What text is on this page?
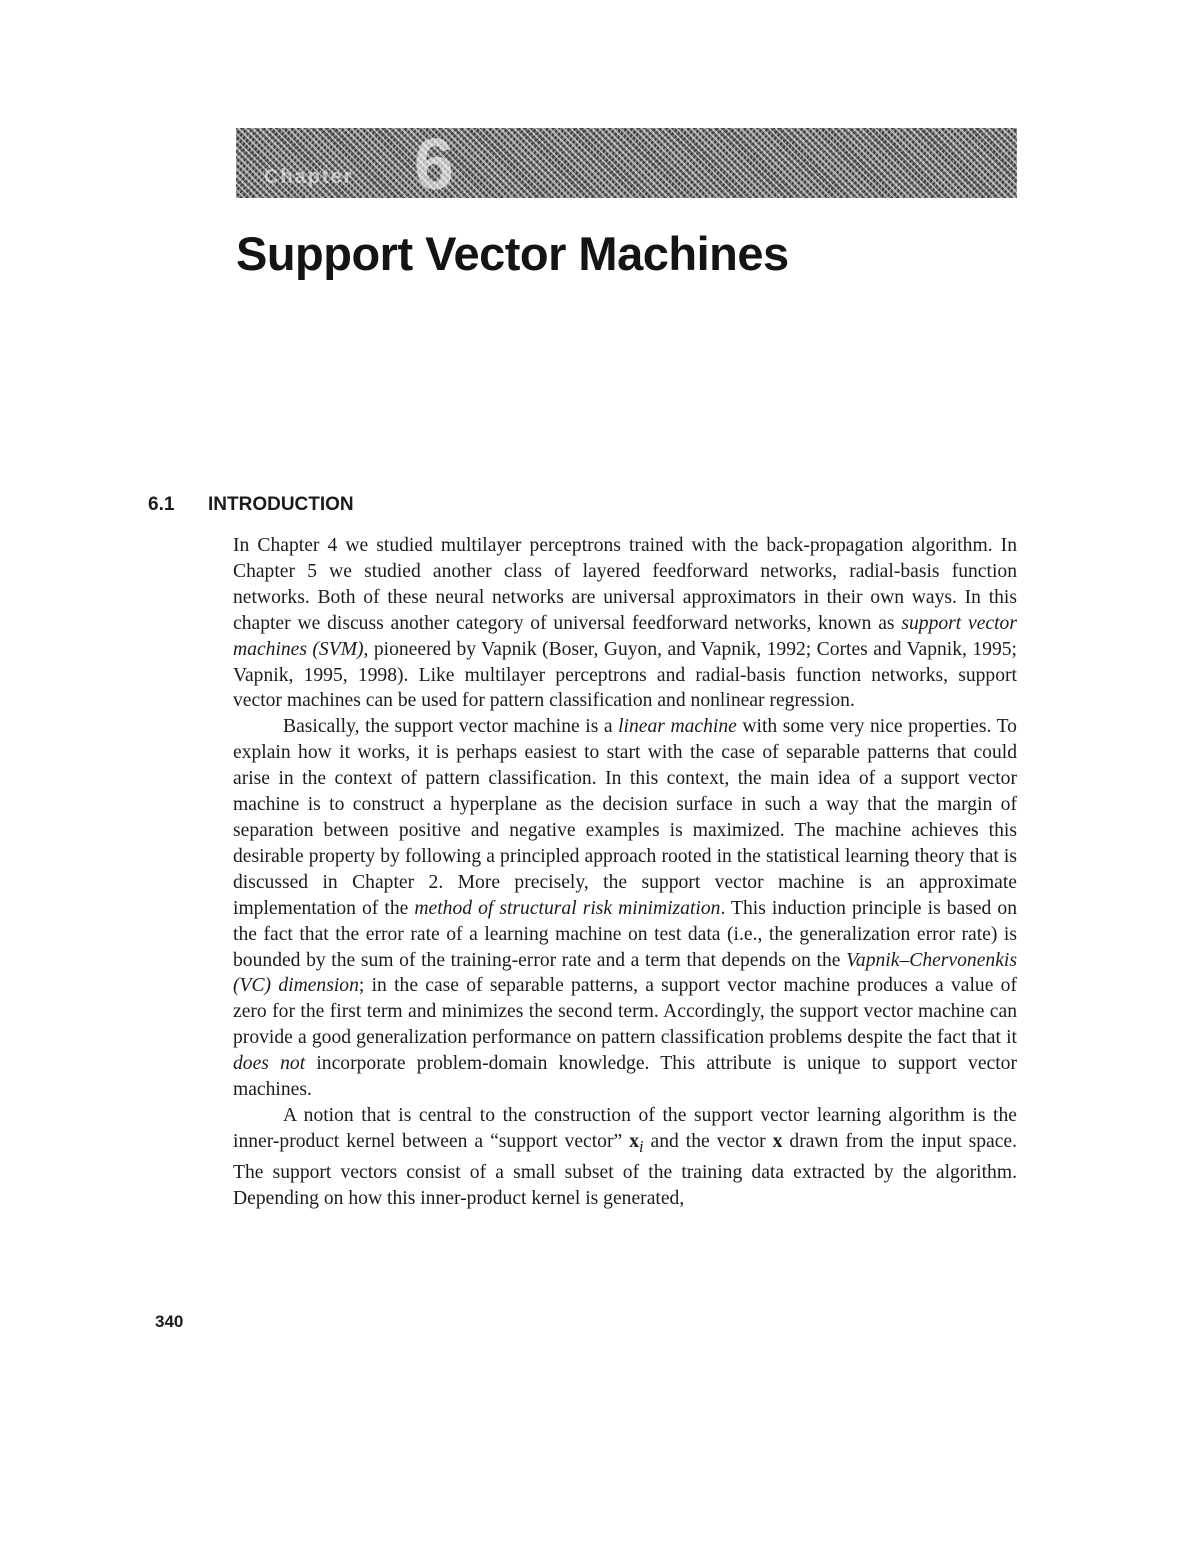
Chapter 6
Support Vector Machines
6.1 INTRODUCTION

In Chapter 4 we studied multilayer perceptrons trained with the back-propagation algorithm. In Chapter 5 we studied another class of layered feedforward networks, radial-basis function networks. Both of these neural networks are universal approximators in their own ways. In this chapter we discuss another category of universal feedforward networks, known as support vector machines (SVM), pioneered by Vapnik (Boser, Guyon, and Vapnik, 1992; Cortes and Vapnik, 1995; Vapnik, 1995, 1998). Like multilayer perceptrons and radial-basis function networks, support vector machines can be used for pattern classification and nonlinear regression.

Basically, the support vector machine is a linear machine with some very nice properties. To explain how it works, it is perhaps easiest to start with the case of separable patterns that could arise in the context of pattern classification. In this context, the main idea of a support vector machine is to construct a hyperplane as the decision surface in such a way that the margin of separation between positive and negative examples is maximized. The machine achieves this desirable property by following a principled approach rooted in the statistical learning theory that is discussed in Chapter 2. More precisely, the support vector machine is an approximate implementation of the method of structural risk minimization. This induction principle is based on the fact that the error rate of a learning machine on test data (i.e., the generalization error rate) is bounded by the sum of the training-error rate and a term that depends on the Vapnik–Chervonenkis (VC) dimension; in the case of separable patterns, a support vector machine produces a value of zero for the first term and minimizes the second term. Accordingly, the support vector machine can provide a good generalization performance on pattern classification problems despite the fact that it does not incorporate problem-domain knowledge. This attribute is unique to support vector machines.

A notion that is central to the construction of the support vector learning algorithm is the inner-product kernel between a “support vector” $x_i$ and the vector x drawn from the input space. The support vectors consist of a small subset of the training data extracted by the algorithm. Depending on how this inner-product kernel is generated,

340
